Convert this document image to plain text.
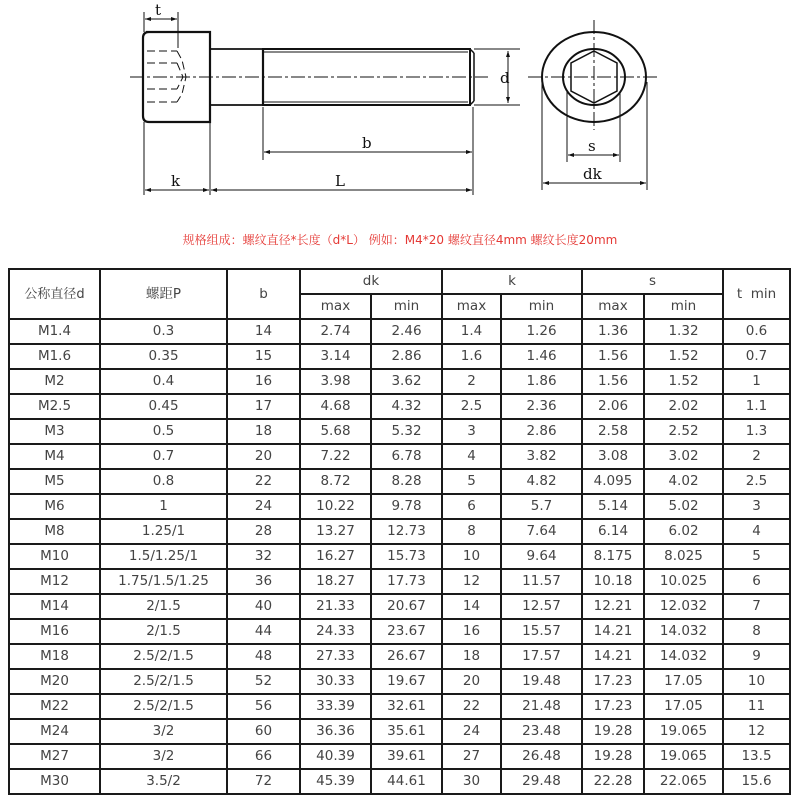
t
d
b
k	L
s
dk
规格组成：螺纹直径*长度（d*L） 例如：M4*20 螺纹直径4mm 螺纹长度20mm
公称直径d	螺距P	b	dk		k		s		t  min
			max	min	max	min	max	min	
M1.4	0.3	14	2.74	2.46	1.4	1.26	1.36	1.32	0.6
M1.6	0.35	15	3.14	2.86	1.6	1.46	1.56	1.52	0.7
M2	0.4	16	3.98	3.62	2	1.86	1.56	1.52	1
M2.5	0.45	17	4.68	4.32	2.5	2.36	2.06	2.02	1.1
M3	0.5	18	5.68	5.32	3	2.86	2.58	2.52	1.3
M4	0.7	20	7.22	6.78	4	3.82	3.08	3.02	2
M5	0.8	22	8.72	8.28	5	4.82	4.095	4.02	2.5
M6	1	24	10.22	9.78	6	5.7	5.14	5.02	3
M8	1.25/1	28	13.27	12.73	8	7.64	6.14	6.02	4
M10	1.5/1.25/1	32	16.27	15.73	10	9.64	8.175	8.025	5
M12	1.75/1.5/1.25	36	18.27	17.73	12	11.57	10.18	10.025	6
M14	2/1.5	40	21.33	20.67	14	12.57	12.21	12.032	7
M16	2/1.5	44	24.33	23.67	16	15.57	14.21	14.032	8
M18	2.5/2/1.5	48	27.33	26.67	18	17.57	14.21	14.032	9
M20	2.5/2/1.5	52	30.33	19.67	20	19.48	17.23	17.05	10
M22	2.5/2/1.5	56	33.39	32.61	22	21.48	17.23	17.05	11
M24	3/2	60	36.36	35.61	24	23.48	19.28	19.065	12
M27	3/2	66	40.39	39.61	27	26.48	19.28	19.065	13.5
M30	3.5/2	72	45.39	44.61	30	29.48	22.28	22.065	15.6
